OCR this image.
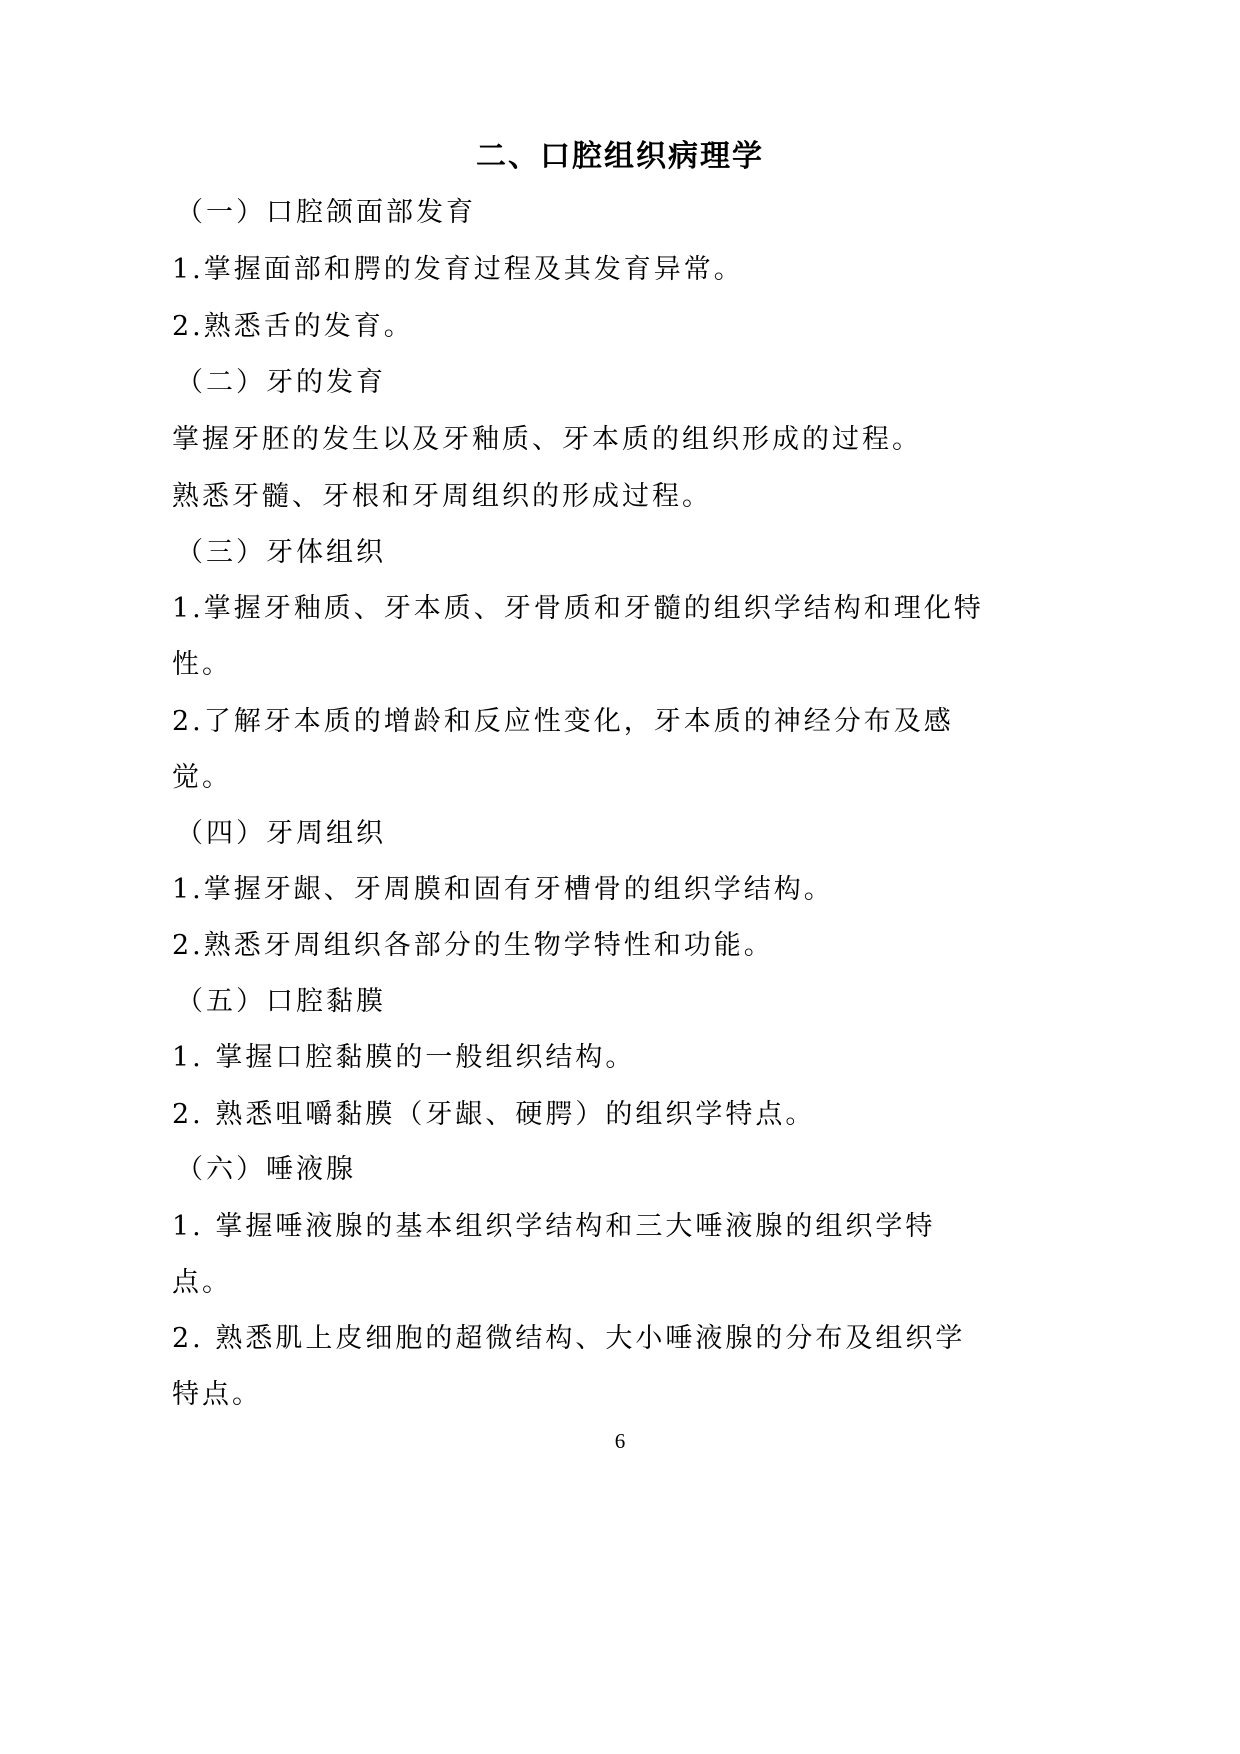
二、口腔组织病理学
（一）口腔颌面部发育
1.掌握面部和腭的发育过程及其发育异常。
2.熟悉舌的发育。
（二）牙的发育
掌握牙胚的发生以及牙釉质、牙本质的组织形成的过程。
熟悉牙髓、牙根和牙周组织的形成过程。
（三）牙体组织
1.掌握牙釉质、牙本质、牙骨质和牙髓的组织学结构和理化特
性。
2.了解牙本质的增龄和反应性变化，牙本质的神经分布及感
觉。
（四）牙周组织
1.掌握牙龈、牙周膜和固有牙槽骨的组织学结构。
2.熟悉牙周组织各部分的生物学特性和功能。
（五）口腔黏膜
1. 掌握口腔黏膜的一般组织结构。
2. 熟悉咀嚼黏膜（牙龈、硬腭）的组织学特点。
（六）唾液腺
1. 掌握唾液腺的基本组织学结构和三大唾液腺的组织学特
点。
2. 熟悉肌上皮细胞的超微结构、大小唾液腺的分布及组织学
特点。
6
